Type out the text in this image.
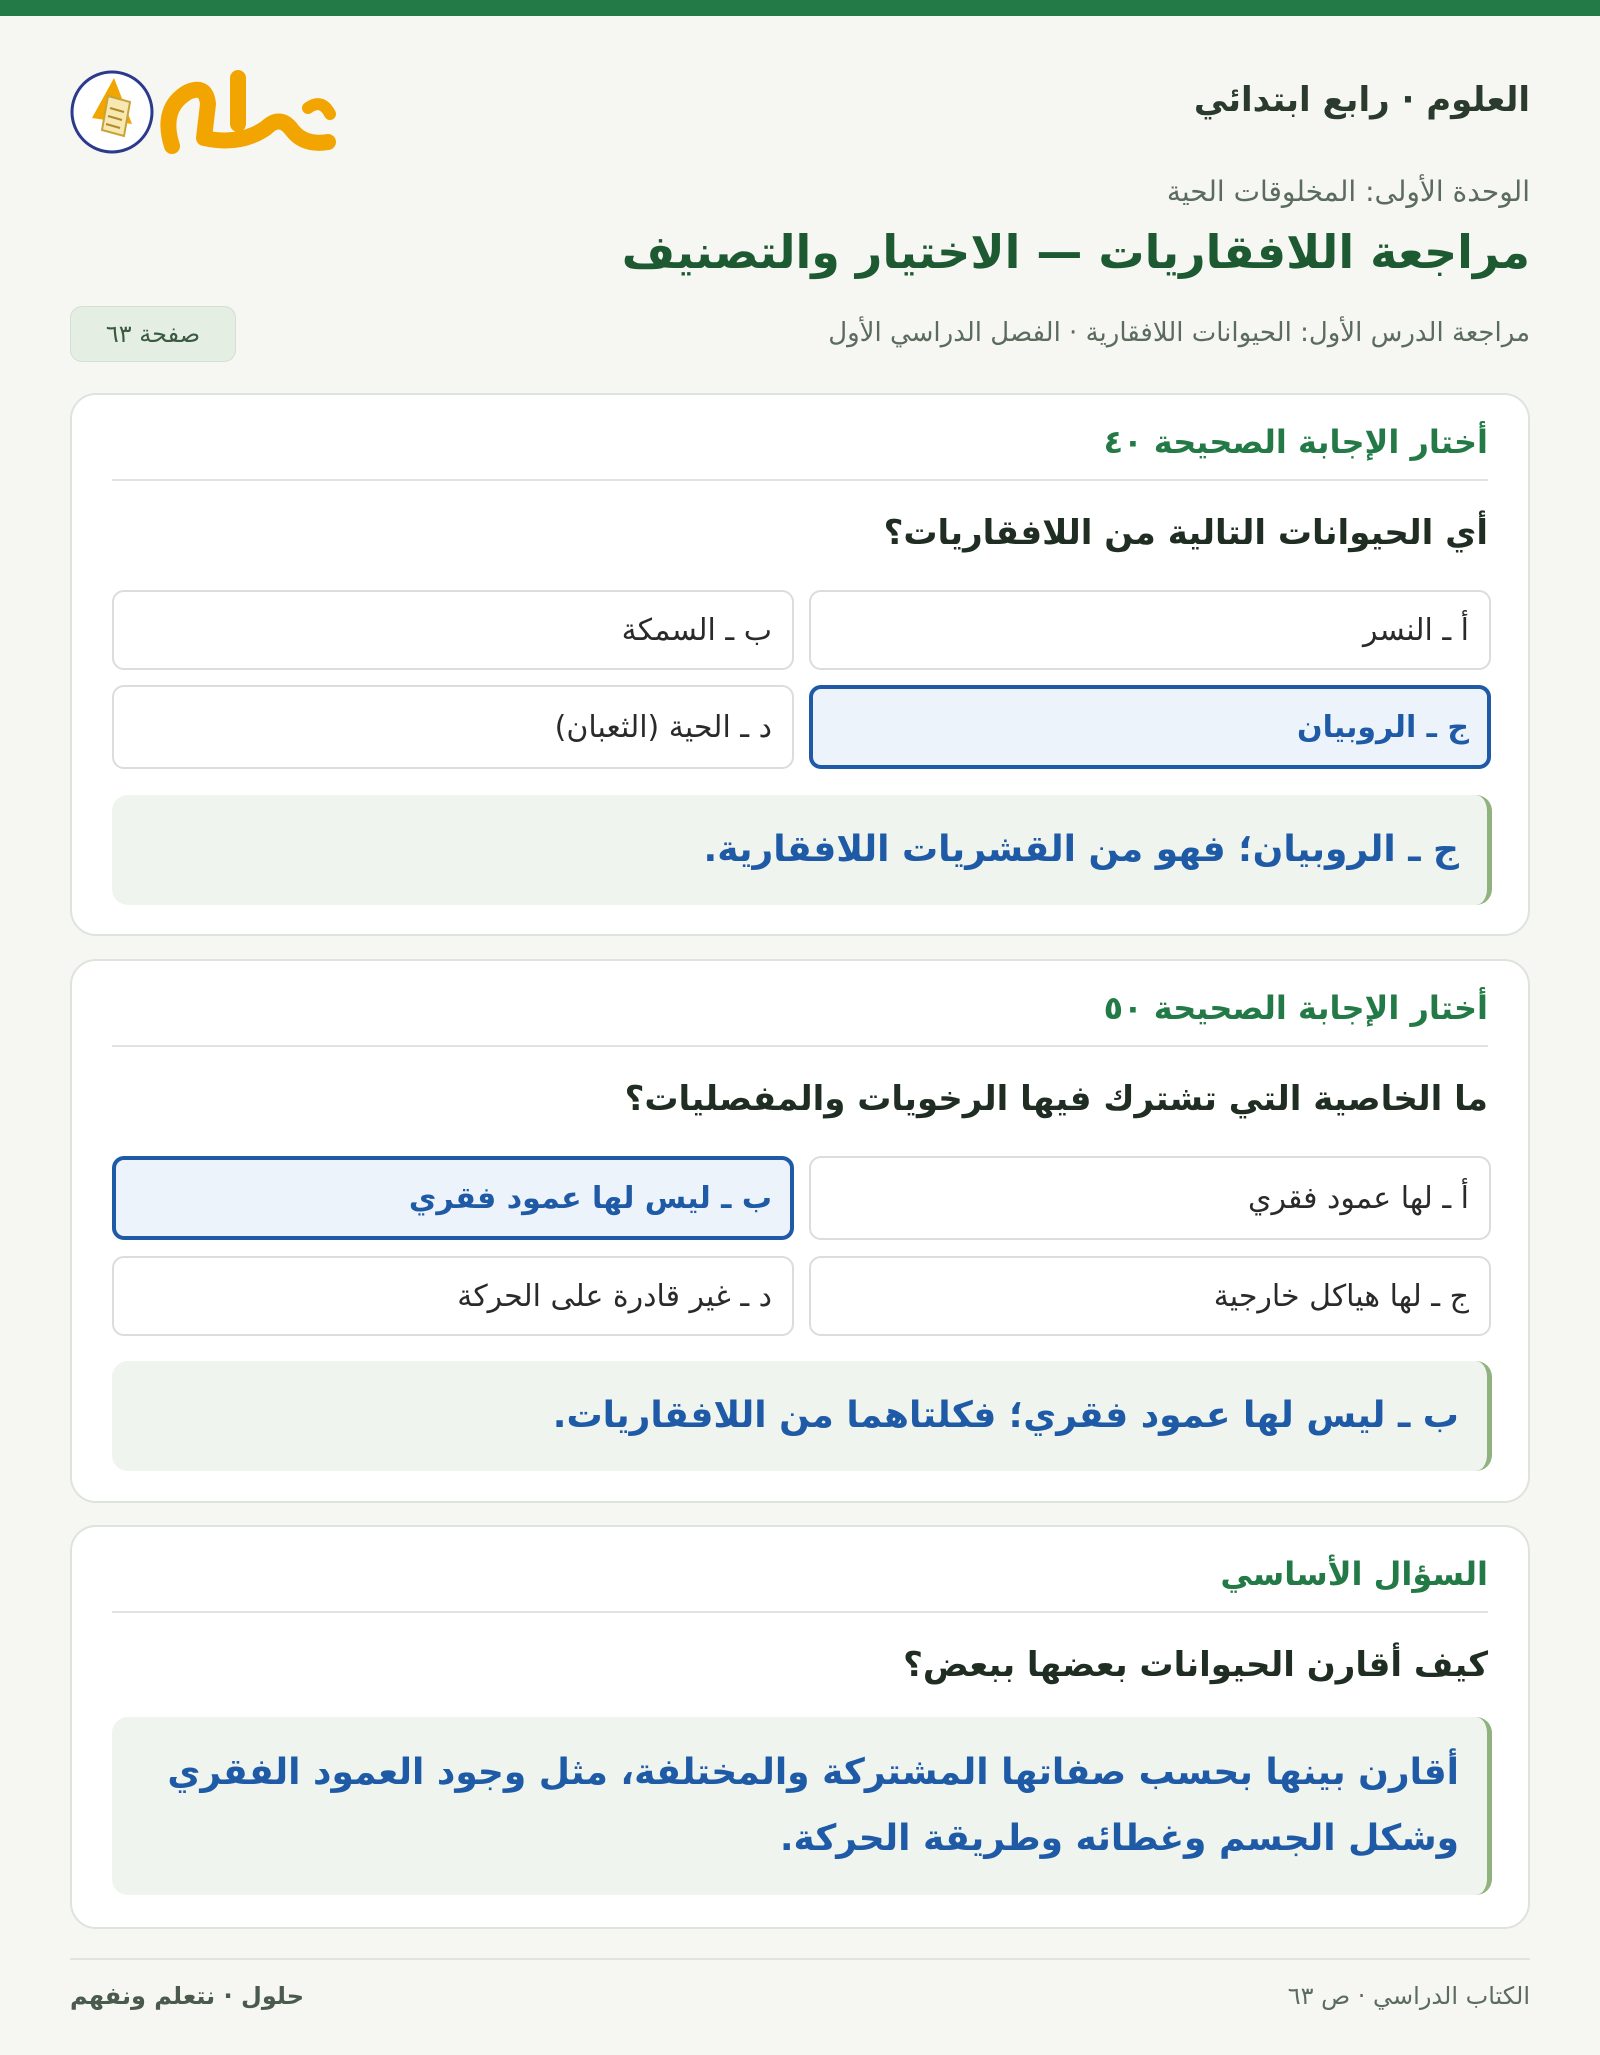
العلوم · رابع ابتدائي
الوحدة الأولى: المخلوقات الحية
مراجعة اللافقاريات — الاختيار والتصنيف
مراجعة الدرس الأول: الحيوانات اللافقارية · الفصل الدراسي الأول
صفحة ٦٣
أختار الإجابة الصحيحة ٤٠
أي الحيوانات التالية من اللافقاريات؟
أ ـ النسر
ب ـ السمكة
ج ـ الروبيان
د ـ الحية (الثعبان)
ج ـ الروبيان؛ فهو من القشريات اللافقارية.
أختار الإجابة الصحيحة ٥٠
ما الخاصية التي تشترك فيها الرخويات والمفصليات؟
أ ـ لها عمود فقري
ب ـ ليس لها عمود فقري
ج ـ لها هياكل خارجية
د ـ غير قادرة على الحركة
ب ـ ليس لها عمود فقري؛ فكلتاهما من اللافقاريات.
السؤال الأساسي
كيف أقارن الحيوانات بعضها ببعض؟
أقارن بينها بحسب صفاتها المشتركة والمختلفة، مثل وجود العمود الفقري وشكل الجسم وغطائه وطريقة الحركة.
حلول · نتعلم ونفهم	الكتاب الدراسي · ص ٦٣
